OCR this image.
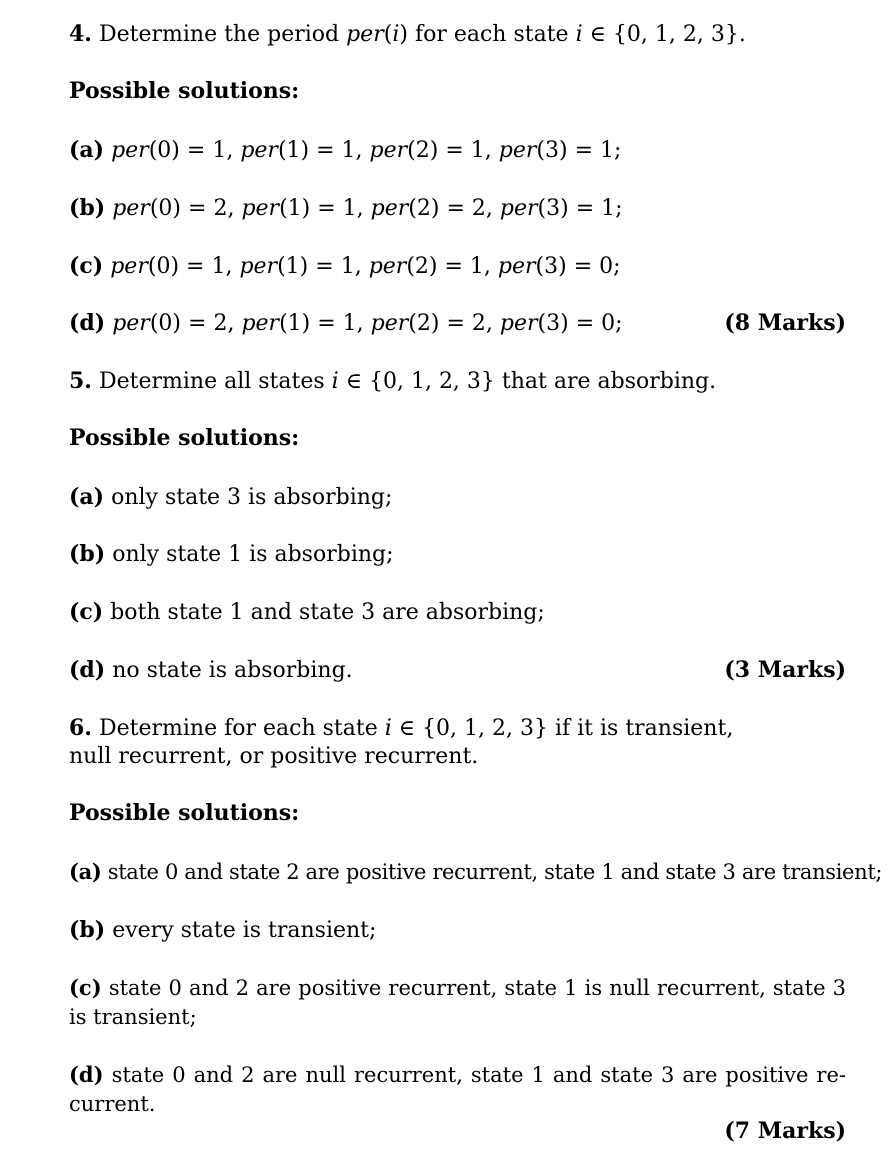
4. Determine the period per(i) for each state i ∈ {0, 1, 2, 3}.
Possible solutions:
(a) per(0) = 1, per(1) = 1, per(2) = 1, per(3) = 1;
(b) per(0) = 2, per(1) = 1, per(2) = 2, per(3) = 1;
(c) per(0) = 1, per(1) = 1, per(2) = 1, per(3) = 0;
(d) per(0) = 2, per(1) = 1, per(2) = 2, per(3) = 0;	(8 Marks)
5. Determine all states i ∈ {0, 1, 2, 3} that are absorbing.
Possible solutions:
(a) only state 3 is absorbing;
(b) only state 1 is absorbing;
(c) both state 1 and state 3 are absorbing;
(d) no state is absorbing.	(3 Marks)
6. Determine for each state i ∈ {0, 1, 2, 3} if it is transient,
null recurrent, or positive recurrent.
Possible solutions:
(a) state 0 and state 2 are positive recurrent, state 1 and state 3 are transient;
(b) every state is transient;
(c) state 0 and 2 are positive recurrent, state 1 is null recurrent, state 3
is transient;
(d) state 0 and 2 are null recurrent, state 1 and state 3 are positive re-
current.
(7 Marks)
